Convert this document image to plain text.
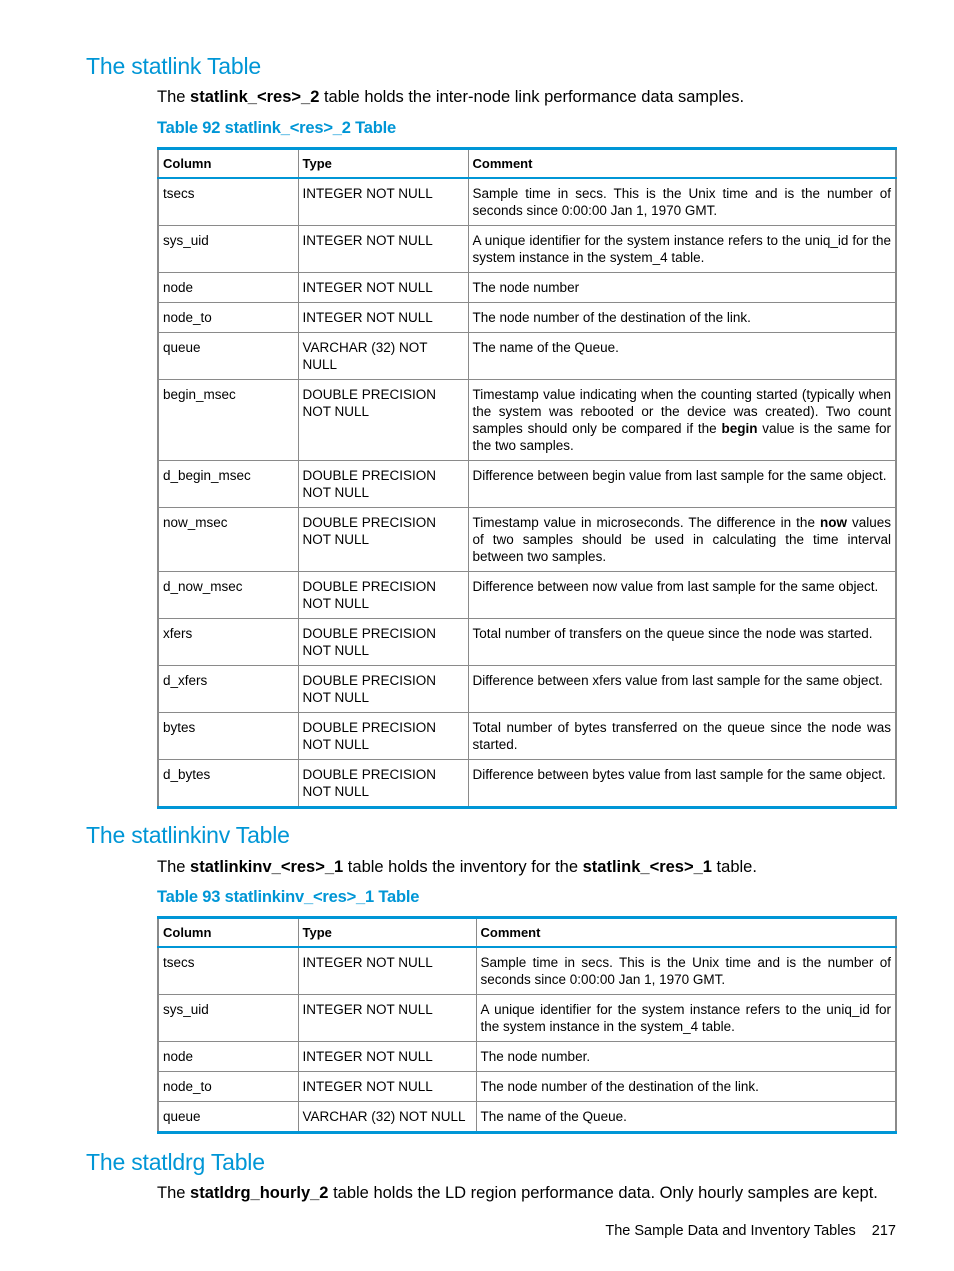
The statlink Table

The statlink_<res>_2 table holds the inter-node link performance data samples.

Table 92 statlink_<res>_2 Table

Column	Type	Comment
tsecs	INTEGER NOT NULL	Sample time in secs. This is the Unix time and is the number of seconds since 0:00:00 Jan 1, 1970 GMT.
sys_uid	INTEGER NOT NULL	A unique identifier for the system instance refers to the uniq_id for the system instance in the system_4 table.
node	INTEGER NOT NULL	The node number
node_to	INTEGER NOT NULL	The node number of the destination of the link.
queue	VARCHAR (32) NOT NULL	The name of the Queue.
begin_msec	DOUBLE PRECISION NOT NULL	Timestamp value indicating when the counting started (typically when the system was rebooted or the device was created). Two count samples should only be compared if the begin value is the same for the two samples.
d_begin_msec	DOUBLE PRECISION NOT NULL	Difference between begin value from last sample for the same object.
now_msec	DOUBLE PRECISION NOT NULL	Timestamp value in microseconds. The difference in the now values of two samples should be used in calculating the time interval between two samples.
d_now_msec	DOUBLE PRECISION NOT NULL	Difference between now value from last sample for the same object.
xfers	DOUBLE PRECISION NOT NULL	Total number of transfers on the queue since the node was started.
d_xfers	DOUBLE PRECISION NOT NULL	Difference between xfers value from last sample for the same object.
bytes	DOUBLE PRECISION NOT NULL	Total number of bytes transferred on the queue since the node was started.
d_bytes	DOUBLE PRECISION NOT NULL	Difference between bytes value from last sample for the same object.
The statlinkinv Table

The statlinkinv_<res>_1 table holds the inventory for the statlink_<res>_1 table.

Table 93 statlinkinv_<res>_1 Table

Column	Type	Comment
tsecs	INTEGER NOT NULL	Sample time in secs. This is the Unix time and is the number of seconds since 0:00:00 Jan 1, 1970 GMT.
sys_uid	INTEGER NOT NULL	A unique identifier for the system instance refers to the uniq_id for the system instance in the system_4 table.
node	INTEGER NOT NULL	The node number.
node_to	INTEGER NOT NULL	The node number of the destination of the link.
queue	VARCHAR (32) NOT NULL	The name of the Queue.
The statldrg Table

The statldrg_hourly_2 table holds the LD region performance data. Only hourly samples are kept.

The Sample Data and Inventory Tables 217
